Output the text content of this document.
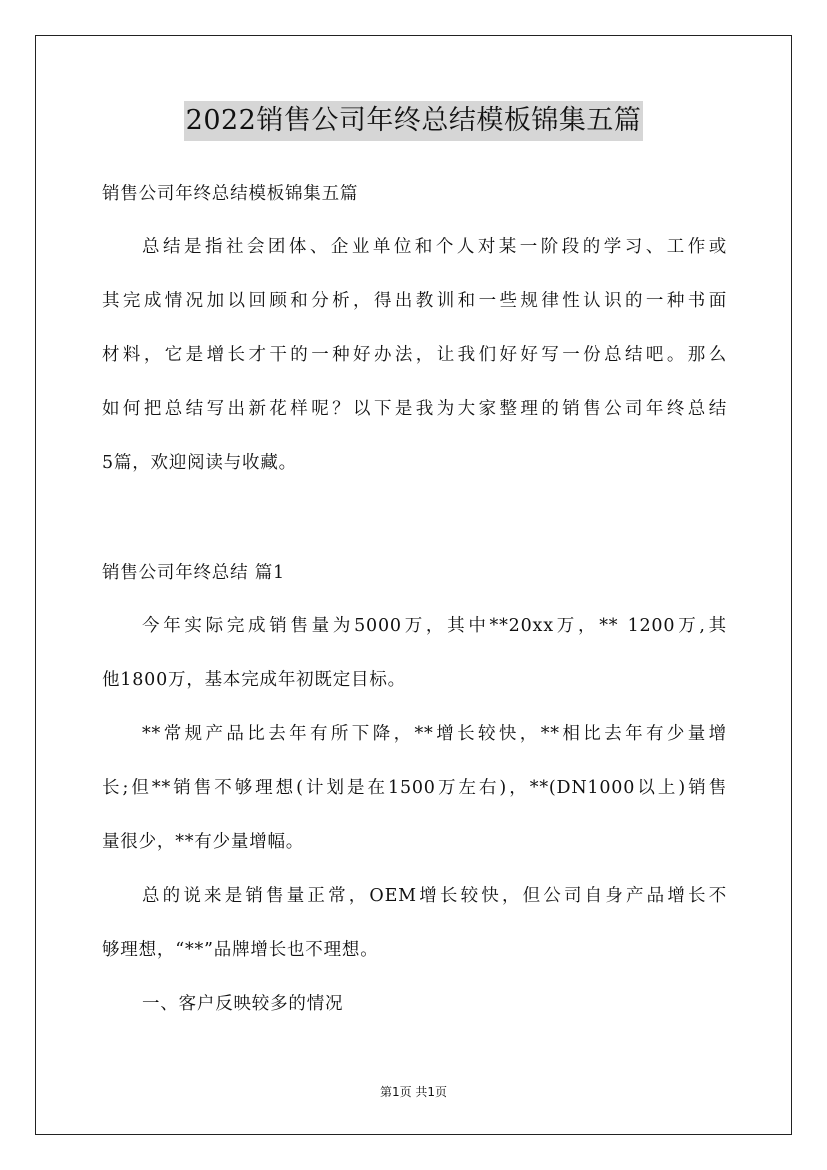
2022销售公司年终总结模板锦集五篇
销售公司年终总结模板锦集五篇
总结是指社会团体、企业单位和个人对某一阶段的学习、工作或
其完成情况加以回顾和分析，得出教训和一些规律性认识的一种书面
材料，它是增长才干的一种好办法，让我们好好写一份总结吧。那么
如何把总结写出新花样呢？以下是我为大家整理的销售公司年终总结
5篇，欢迎阅读与收藏。
销售公司年终总结 篇1
今年实际完成销售量为5000万，其中**20xx万，** 1200万,其
他1800万，基本完成年初既定目标。
**常规产品比去年有所下降，**增长较快，**相比去年有少量增
长;但**销售不够理想(计划是在1500万左右)，**(DN1000以上)销售
量很少，**有少量增幅。
总的说来是销售量正常，OEM增长较快，但公司自身产品增长不
够理想，“**”品牌增长也不理想。
一、客户反映较多的情况
第1页 共1页
